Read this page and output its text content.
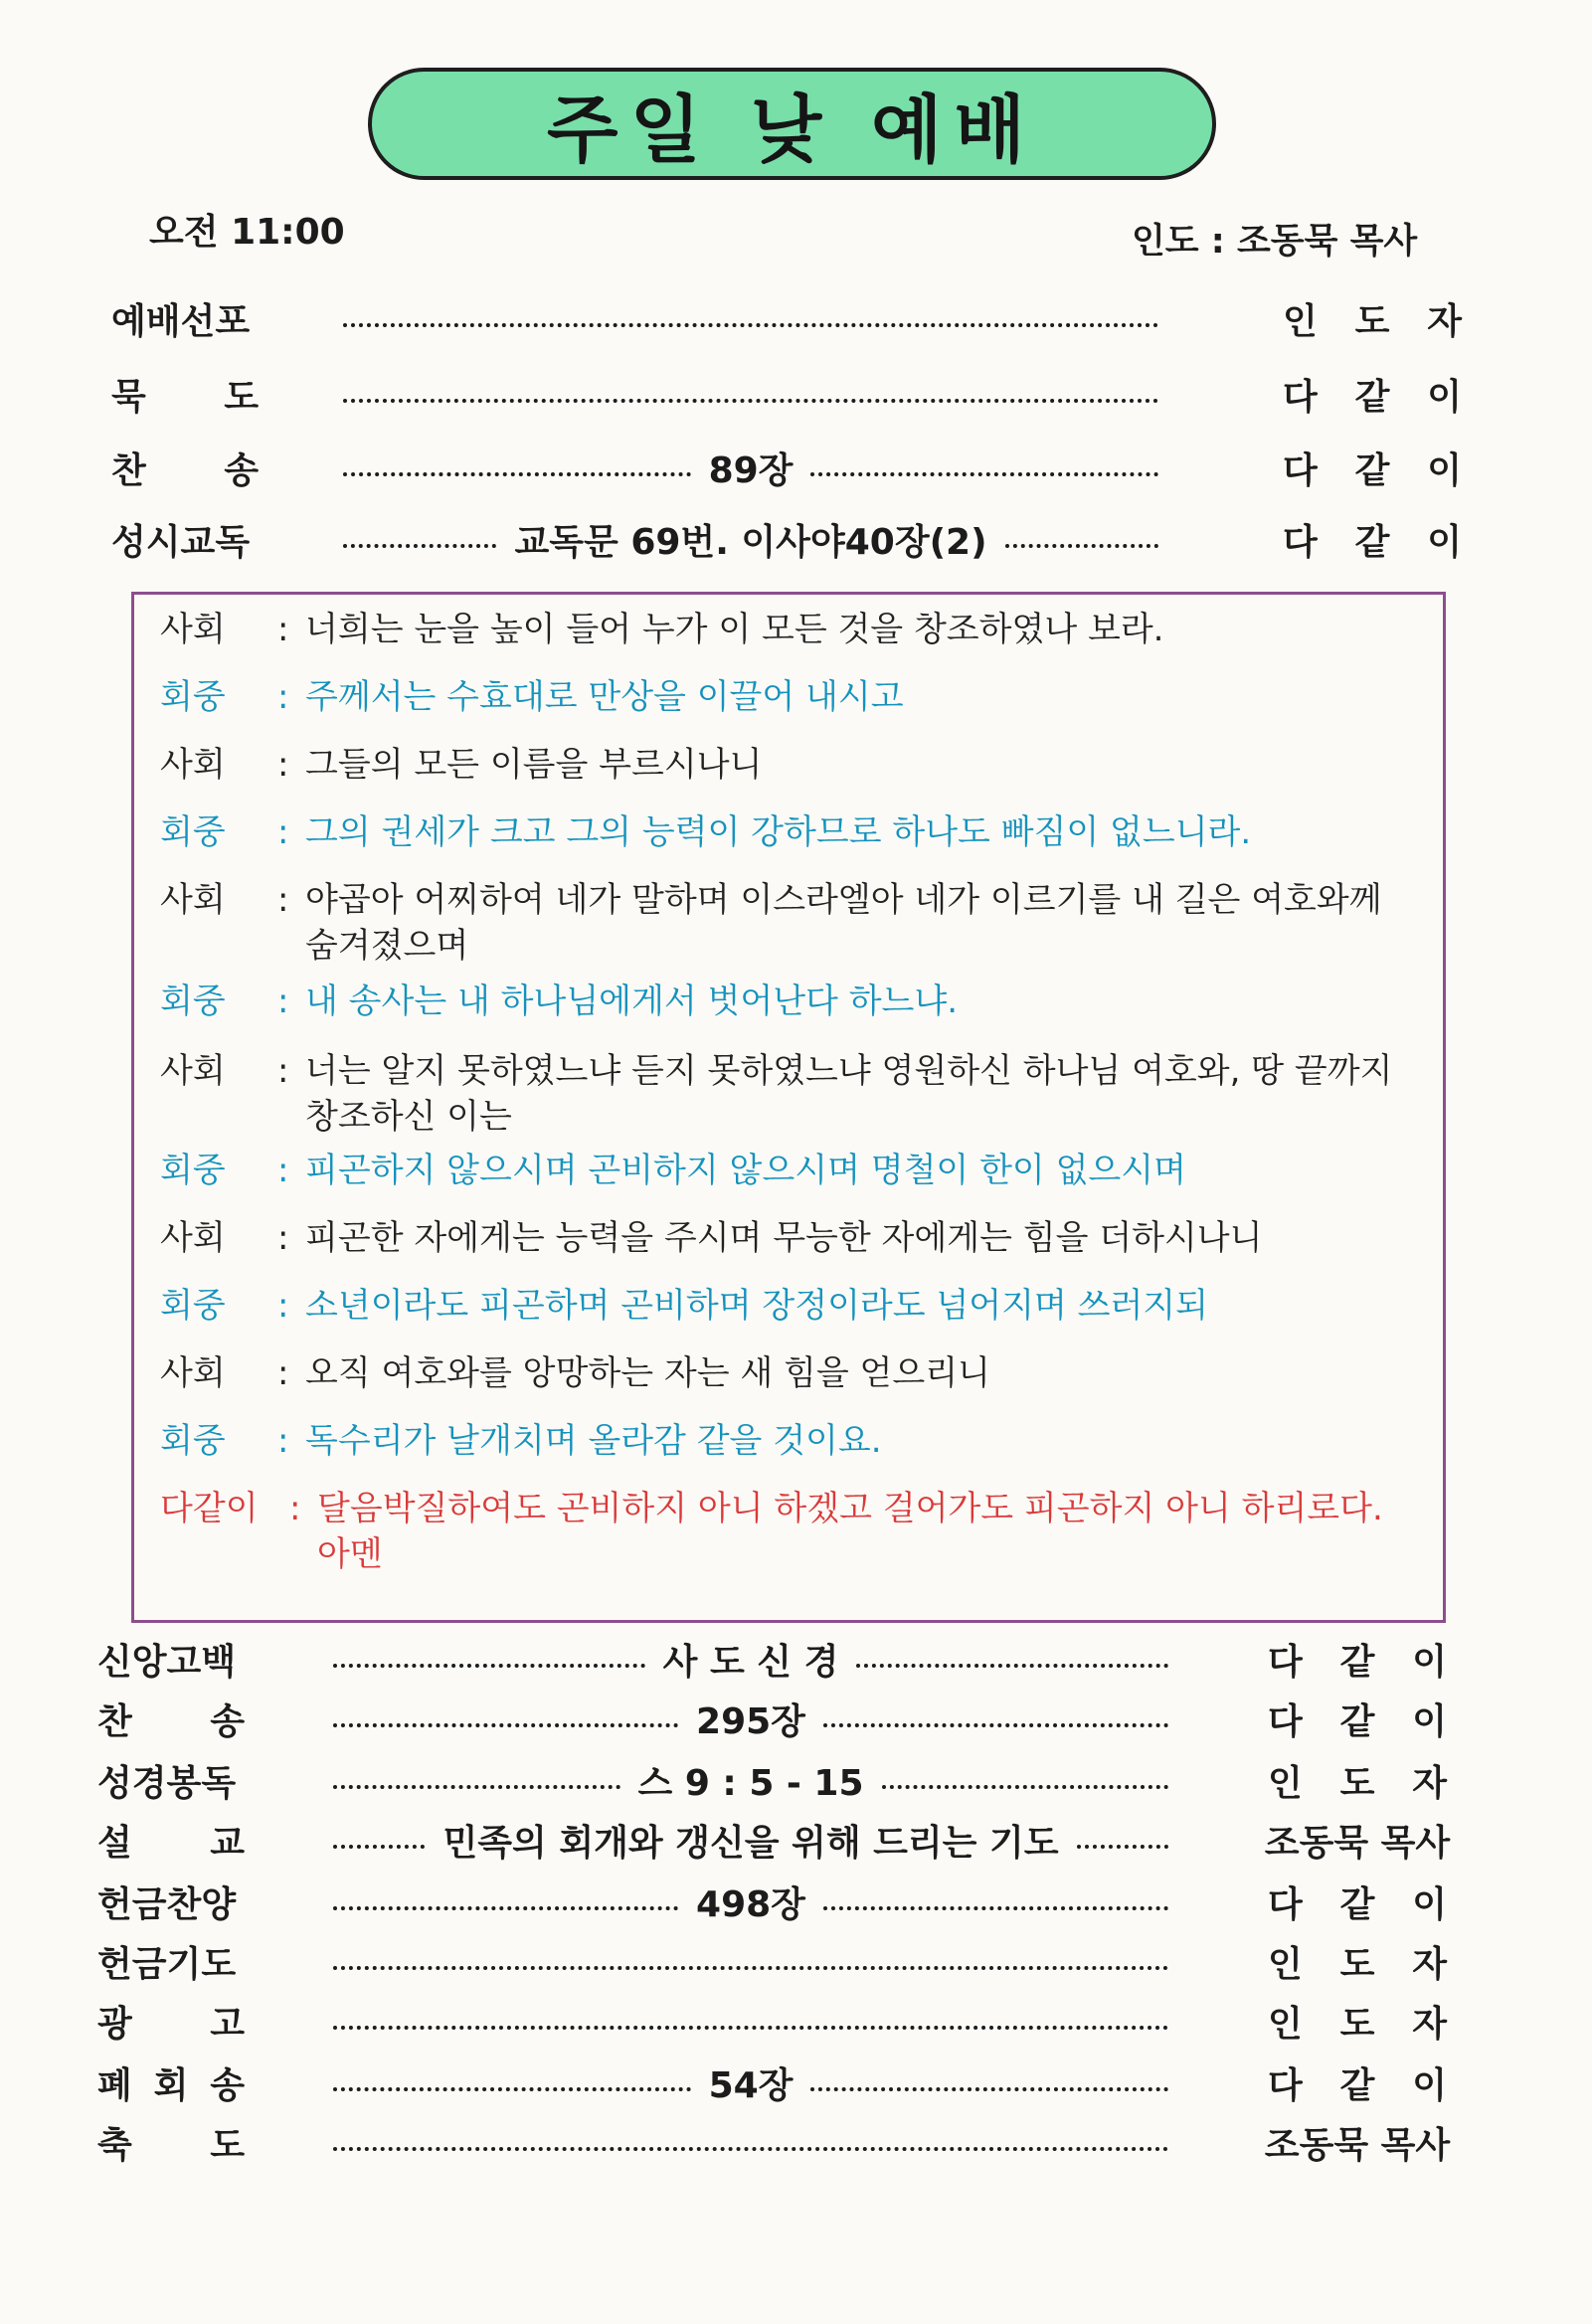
주일 낮 예배
오전 11:00	인도 : 조동묵 목사
예배선포	인 도 자
묵 도	다 같 이
찬 송	89장	다 같 이
성시교독	교독문 69번. 이사야40장(2)	다 같 이
사회	: 너희는 눈을 높이 들어 누가 이 모든 것을 창조하였나 보라.
회중	: 주께서는 수효대로 만상을 이끌어 내시고
사회	: 그들의 모든 이름을 부르시나니
회중	: 그의 권세가 크고 그의 능력이 강하므로 하나도 빠짐이 없느니라.
사회	: 야곱아 어찌하여 네가 말하며 이스라엘아 네가 이르기를 내 길은 여호와께 숨겨졌으며
회중	: 내 송사는 내 하나님에게서 벗어난다 하느냐.
사회	: 너는 알지 못하였느냐 듣지 못하였느냐 영원하신 하나님 여호와, 땅 끝까지 창조하신 이는
회중	: 피곤하지 않으시며 곤비하지 않으시며 명철이 한이 없으시며
사회	: 피곤한 자에게는 능력을 주시며 무능한 자에게는 힘을 더하시나니
회중	: 소년이라도 피곤하며 곤비하며 장정이라도 넘어지며 쓰러지되
사회	: 오직 여호와를 앙망하는 자는 새 힘을 얻으리니
회중	: 독수리가 날개치며 올라감 같을 것이요.
다같이 : 달음박질하여도 곤비하지 아니 하겠고 걸어가도 피곤하지 아니 하리로다. 아멘
신앙고백	사 도 신 경	다 같 이
찬 송	295장	다 같 이
성경봉독	스 9 : 5 - 15	인 도 자
설 교	민족의 회개와 갱신을 위해 드리는 기도	조동묵 목사
헌금찬양	498장	다 같 이
헌금기도	인 도 자
광 고	인 도 자
폐 회 송	54장	다 같 이
축 도	조동묵 목사
